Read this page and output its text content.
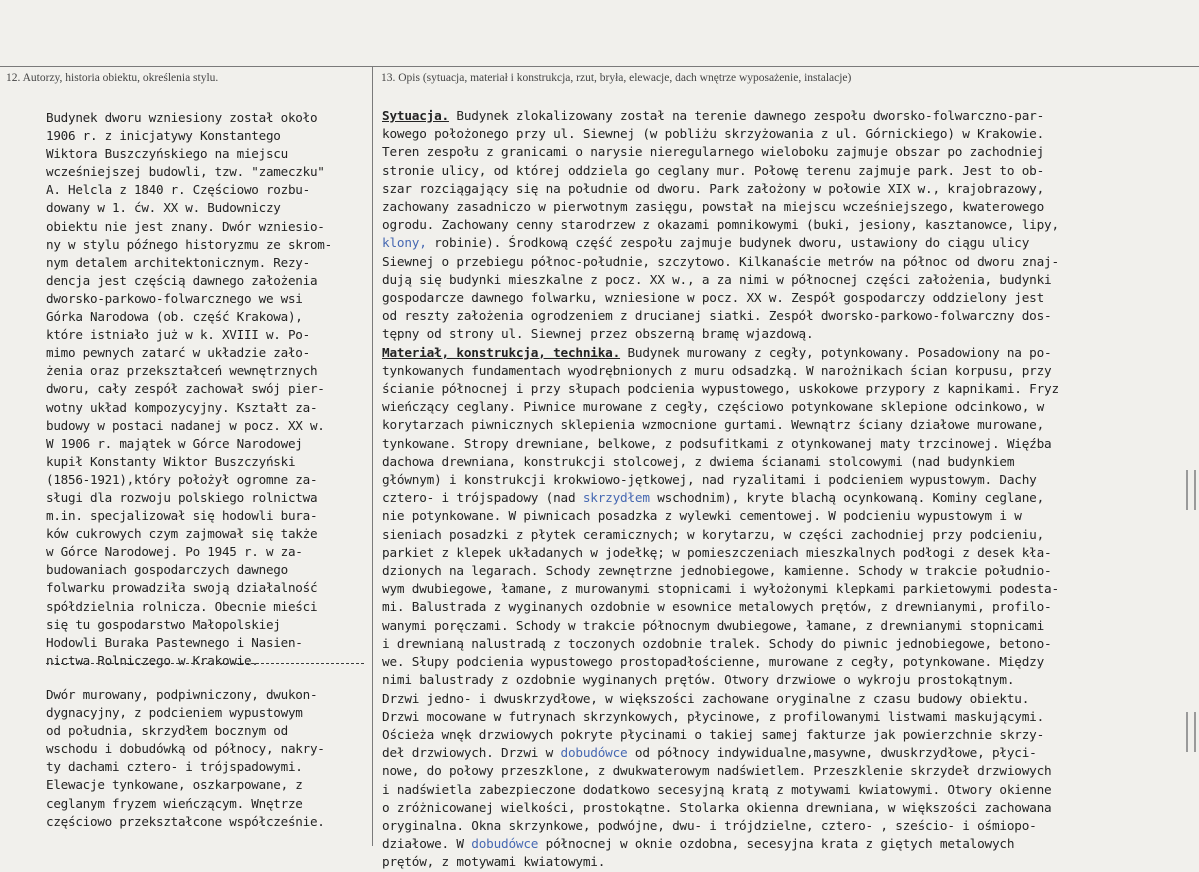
12. Autorzy, historia obiektu, określenia stylu.	13. Opis (sytuacja, materiał i konstrukcja, rzut, bryła, elewacje, dach wnętrze wyposażenie, instalacje)
Budynek dworu wzniesiony został około
1906 r. z inicjatywy Konstantego
Wiktora Buszczyńskiego na miejscu
wcześniejszej budowli, tzw. "zameczku"
A. Helcla z 1840 r. Częściowo rozbu-
dowany w 1. ćw. XX w. Budowniczy
obiektu nie jest znany. Dwór wzniesio-
ny w stylu późnego historyzmu ze skrom-
nym detalem architektonicznym. Rezy-
dencja jest częścią dawnego założenia
dworsko-parkowo-folwarcznego we wsi
Górka Narodowa (ob. część Krakowa),
które istniało już w k. XVIII w. Po-
mimo pewnych zatarć w układzie zało-
żenia oraz przekształceń wewnętrznych
dworu, cały zespół zachował swój pier-
wotny układ kompozycyjny. Kształt za-
budowy w postaci nadanej w pocz. XX w.
W 1906 r. majątek w Górce Narodowej
kupił Konstanty Wiktor Buszczyński
(1856-1921),który położył ogromne za-
sługi dla rozwoju polskiego rolnictwa
m.in. specjalizował się hodowli bura-
ków cukrowych czym zajmował się także
w Górce Narodowej. Po 1945 r. w za-
budowaniach gospodarczych dawnego
folwarku prowadziła swoją działalność
spółdzielnia rolnicza. Obecnie mieści
się tu gospodarstwo Małopolskiej
Hodowli Buraka Pastewnego i Nasien-
nictwa Rolniczego w Krakowie.
Dwór murowany, podpiwniczony, dwukon-
dygnacyjny, z podcieniem wypustowym
od południa, skrzydłem bocznym od
wschodu i dobudówką od północy, nakry-
ty dachami cztero- i trójspadowymi.
Elewacje tynkowane, oszkarpowane, z
ceglanym fryzem wieńczącym. Wnętrze
częściowo przekształcone współcześnie.
Sytuacja. Budynek zlokalizowany został na terenie dawnego zespołu dworsko-folwarczno-par-
kowego położonego przy ul. Siewnej (w pobliżu skrzyżowania z ul. Górnickiego) w Krakowie.
Teren zespołu z granicami o narysie nieregularnego wieloboku zajmuje obszar po zachodniej
stronie ulicy, od której oddziela go ceglany mur. Połowę terenu zajmuje park. Jest to ob-
szar rozciągający się na południe od dworu. Park założony w połowie XIX w., krajobrazowy,
zachowany zasadniczo w pierwotnym zasięgu, powstał na miejscu wcześniejszego, kwaterowego
ogrodu. Zachowany cenny starodrzew z okazami pomnikowymi (buki, jesiony, kasztanowce, lipy,
klony, robinie). Środkową część zespołu zajmuje budynek dworu, ustawiony do ciągu ulicy
Siewnej o przebiegu północ-południe, szczytowo. Kilkanaście metrów na północ od dworu znaj-
dują się budynki mieszkalne z pocz. XX w., a za nimi w północnej części założenia, budynki
gospodarcze dawnego folwarku, wzniesione w pocz. XX w. Zespół gospodarczy oddzielony jest
od reszty założenia ogrodzeniem z drucianej siatki. Zespół dworsko-parkowo-folwarczny dos-
tępny od strony ul. Siewnej przez obszerną bramę wjazdową.
Materiał, konstrukcja, technika. Budynek murowany z cegły, potynkowany. Posadowiony na po-
tynkowanych fundamentach wyodrębnionych z muru odsadzką. W narożnikach ścian korpusu, przy
ścianie północnej i przy słupach podcienia wypustowego, uskokowe przypory z kapnikami. Fryz
wieńczący ceglany. Piwnice murowane z cegły, częściowo potynkowane sklepione odcinkowo, w
korytarzach piwnicznych sklepienia wzmocnione gurtami. Wewnątrz ściany działowe murowane,
tynkowane. Stropy drewniane, belkowe, z podsufitkami z otynkowanej maty trzcinowej. Więźba
dachowa drewniana, konstrukcji stolcowej, z dwiema ścianami stolcowymi (nad budynkiem
głównym) i konstrukcji krokwiowo-jętkowej, nad ryzalitami i podcieniem wypustowym. Dachy
cztero- i trójspadowy (nad skrzydłem wschodnim), kryte blachą ocynkowaną. Kominy ceglane,
nie potynkowane. W piwnicach posadzka z wylewki cementowej. W podcieniu wypustowym i w
sieniach posadzki z płytek ceramicznych; w korytarzu, w części zachodniej przy podcieniu,
parkiet z klepek układanych w jodełkę; w pomieszczeniach mieszkalnych podłogi z desek kła-
dzionych na legarach. Schody zewnętrzne jednobiegowe, kamienne. Schody w trakcie południo-
wym dwubiegowe, łamane, z murowanymi stopnicami i wyłożonymi klepkami parkietowymi podesta-
mi. Balustrada z wyginanych ozdobnie w esownice metalowych prętów, z drewnianymi, profilo-
wanymi poręczami. Schody w trakcie północnym dwubiegowe, łamane, z drewnianymi stopnicami
i drewnianą nalustradą z toczonych ozdobnie tralek. Schody do piwnic jednobiegowe, betono-
we. Słupy podcienia wypustowego prostopadłościenne, murowane z cegły, potynkowane. Między
nimi balustrady z ozdobnie wyginanych prętów. Otwory drzwiowe o wykroju prostokątnym.
Drzwi jedno- i dwuskrzydłowe, w większości zachowane oryginalne z czasu budowy obiektu.
Drzwi mocowane w futrynach skrzynkowych, płycinowe, z profilowanymi listwami maskującymi.
Ościeża wnęk drzwiowych pokryte płycinami o takiej samej fakturze jak powierzchnie skrzy-
deł drzwiowych. Drzwi w dobudówce od północy indywidualne,masywne, dwuskrzydłowe, płyci-
nowe, do połowy przeszklone, z dwukwaterowym nadświetlem. Przeszklenie skrzydeł drzwiowych
i nadświetla zabezpieczone dodatkowo secesyjną kratą z motywami kwiatowymi. Otwory okienne
o zróżnicowanej wielkości, prostokątne. Stolarka okienna drewniana, w większości zachowana
oryginalna. Okna skrzynkowe, podwójne, dwu- i trójdzielne, cztero- , sześcio- i ośmiopo-
działowe. W dobudówce północnej w oknie ozdobna, secesyjna krata z giętych metalowych
prętów, z motywami kwiatowymi.
